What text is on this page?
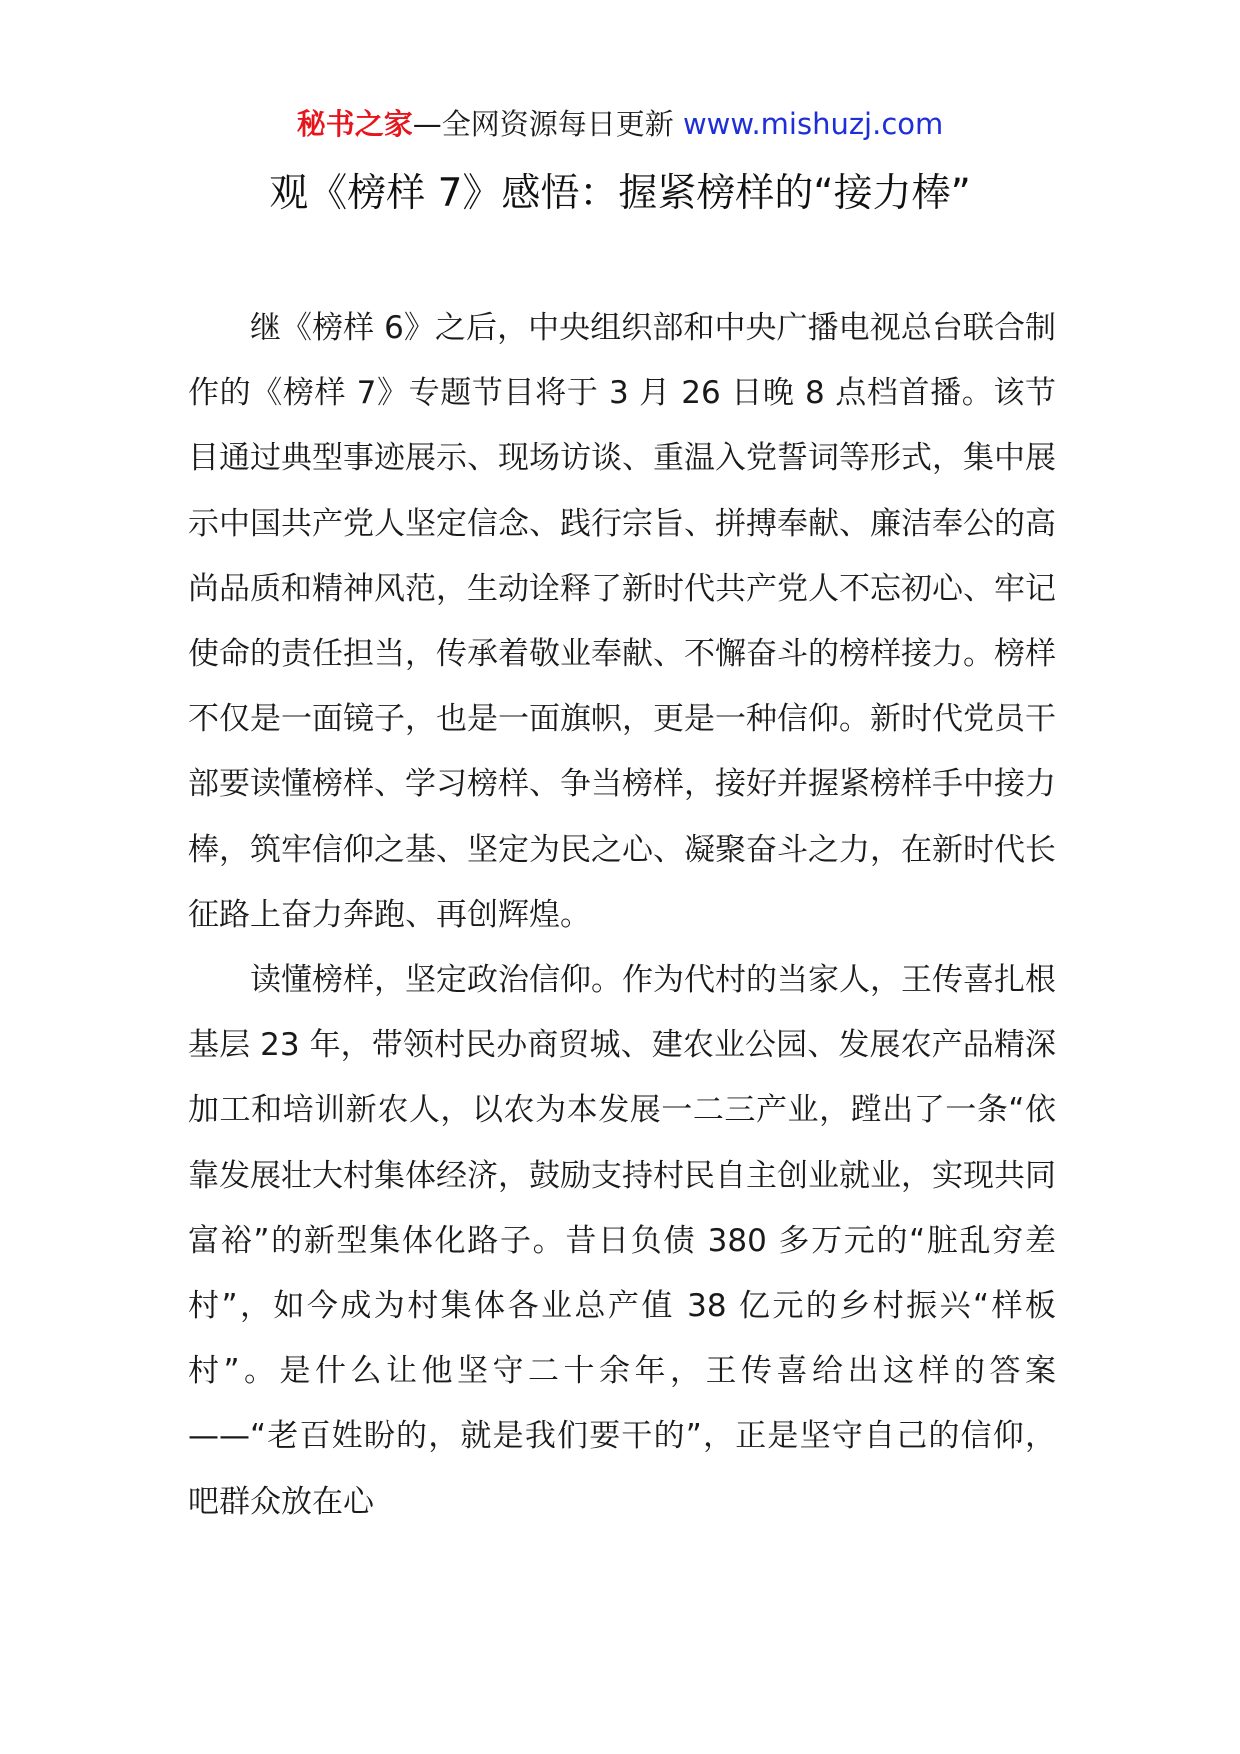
秘书之家—全网资源每日更新 www.mishuzj.com
观《榜样 7》感悟：握紧榜样的“接力棒”

继《榜样 6》之后，中央组织部和中央广播电视总台联合制作的《榜样 7》专题节目将于 3 月 26 日晚 8 点档首播。该节目通过典型事迹展示、现场访谈、重温入党誓词等形式，集中展示中国共产党人坚定信念、践行宗旨、拼搏奉献、廉洁奉公的高尚品质和精神风范，生动诠释了新时代共产党人不忘初心、牢记使命的责任担当，传承着敬业奉献、不懈奋斗的榜样接力。榜样不仅是一面镜子，也是一面旗帜，更是一种信仰。新时代党员干部要读懂榜样、学习榜样、争当榜样，接好并握紧榜样手中接力棒，筑牢信仰之基、坚定为民之心、凝聚奋斗之力，在新时代长征路上奋力奔跑、再创辉煌。

读懂榜样，坚定政治信仰。作为代村的当家人，王传喜扎根基层 23 年，带领村民办商贸城、建农业公园、发展农产品精深加工和培训新农人，以农为本发展一二三产业，蹚出了一条“依靠发展壮大村集体经济，鼓励支持村民自主创业就业，实现共同富裕”的新型集体化路子。昔日负债 380 多万元的“脏乱穷差村”，如今成为村集体各业总产值 38 亿元的乡村振兴“样板村”。是什么让他坚守二十余年，王传喜给出这样的答案——“老百姓盼的，就是我们要干的”，正是坚守自己的信仰，吧群众放在心
